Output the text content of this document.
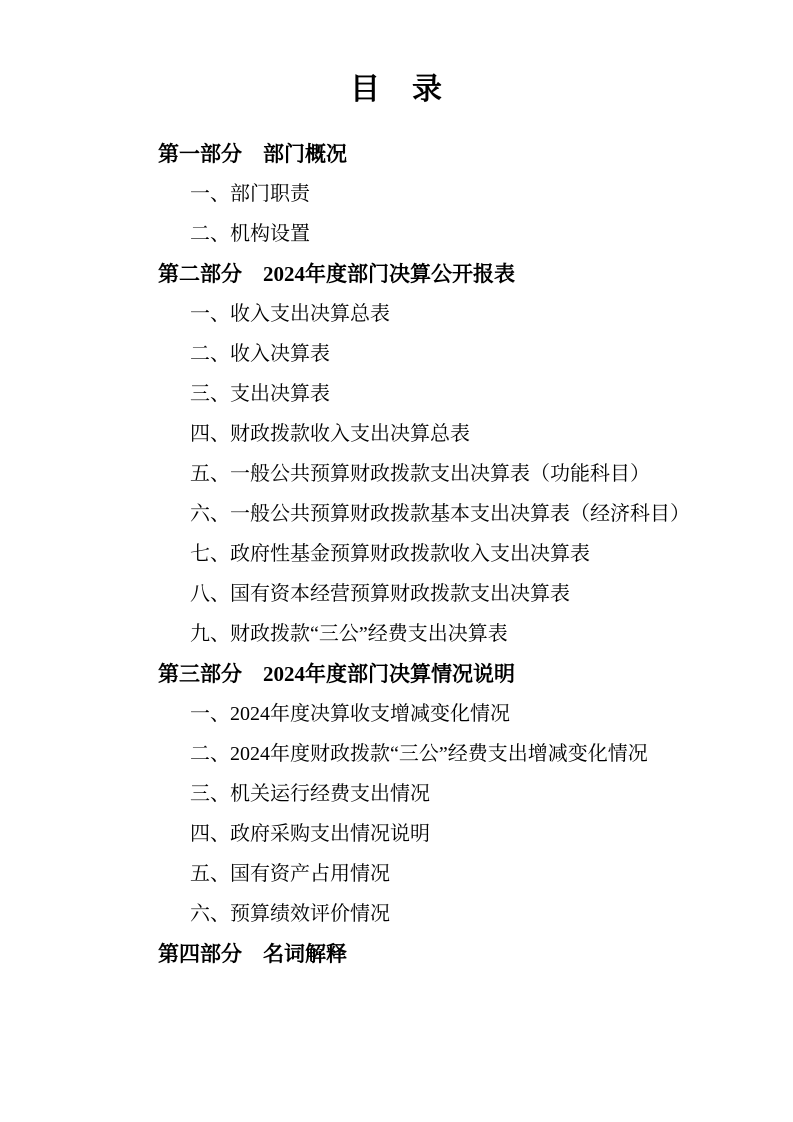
目　录
第一部分　部门概况
一、部门职责
二、机构设置
第二部分　2024年度部门决算公开报表
一、收入支出决算总表
二、收入决算表
三、支出决算表
四、财政拨款收入支出决算总表
五、一般公共预算财政拨款支出决算表（功能科目）
六、一般公共预算财政拨款基本支出决算表（经济科目）
七、政府性基金预算财政拨款收入支出决算表
八、国有资本经营预算财政拨款支出决算表
九、财政拨款“三公”经费支出决算表
第三部分　2024年度部门决算情况说明
一、2024年度决算收支增减变化情况
二、2024年度财政拨款“三公”经费支出增减变化情况
三、机关运行经费支出情况
四、政府采购支出情况说明
五、国有资产占用情况
六、预算绩效评价情况
第四部分　名词解释
